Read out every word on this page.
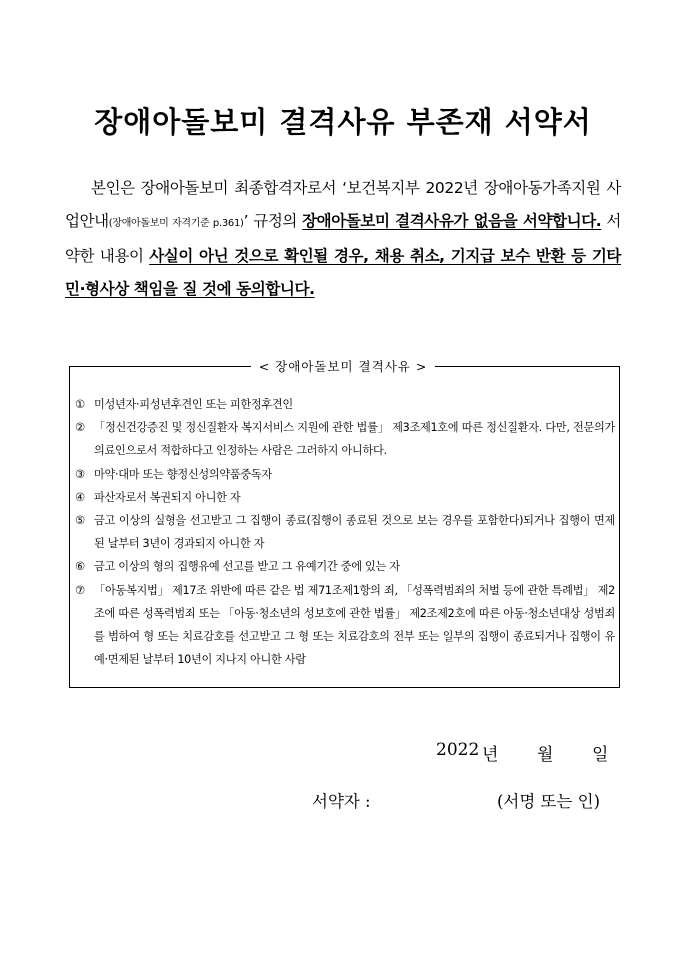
장애아돌보미 결격사유 부존재 서약서
본인은 장애아돌보미 최종합격자로서 ‘보건복지부 2022년 장애아동가족지원 사업안내(장애아돌보미 자격기준 p.361)’ 규정의 장애아돌보미 결격사유가 없음을 서약합니다. 서약한 내용이 사실이 아닌 것으로 확인될 경우, 채용 취소, 기지급 보수 반환 등 기타 민·형사상 책임을 질 것에 동의합니다.
< 장애아돌보미 결격사유 >
① 미성년자·피성년후견인 또는 피한정후견인
② 「정신건강증진 및 정신질환자 복지서비스 지원에 관한 법률」 제3조제1호에 따른 정신질환자. 다만, 전문의가 의료인으로서 적합하다고 인정하는 사람은 그러하지 아니하다.
③ 마약·대마 또는 향정신성의약품중독자
④ 파산자로서 복권되지 아니한 자
⑤ 금고 이상의 실형을 선고받고 그 집행이 종료(집행이 종료된 것으로 보는 경우를 포함한다)되거나 집행이 면제된 날부터 3년이 경과되지 아니한 자
⑥ 금고 이상의 형의 집행유예 선고를 받고 그 유예기간 중에 있는 자
⑦ 「아동복지법」 제17조 위반에 따른 같은 법 제71조제1항의 죄, 「성폭력범죄의 처벌 등에 관한 특례법」 제2조에 따른 성폭력범죄 또는 「아동·청소년의 성보호에 관한 법률」 제2조제2호에 따른 아동·청소년대상 성범죄를 범하여 형 또는 치료감호를 선고받고 그 형 또는 치료감호의 전부 또는 일부의 집행이 종료되거나 집행이 유예·면제된 날부터 10년이 지나지 아니한 사람
2022 년 월 일
서약자 :	(서명 또는 인)
